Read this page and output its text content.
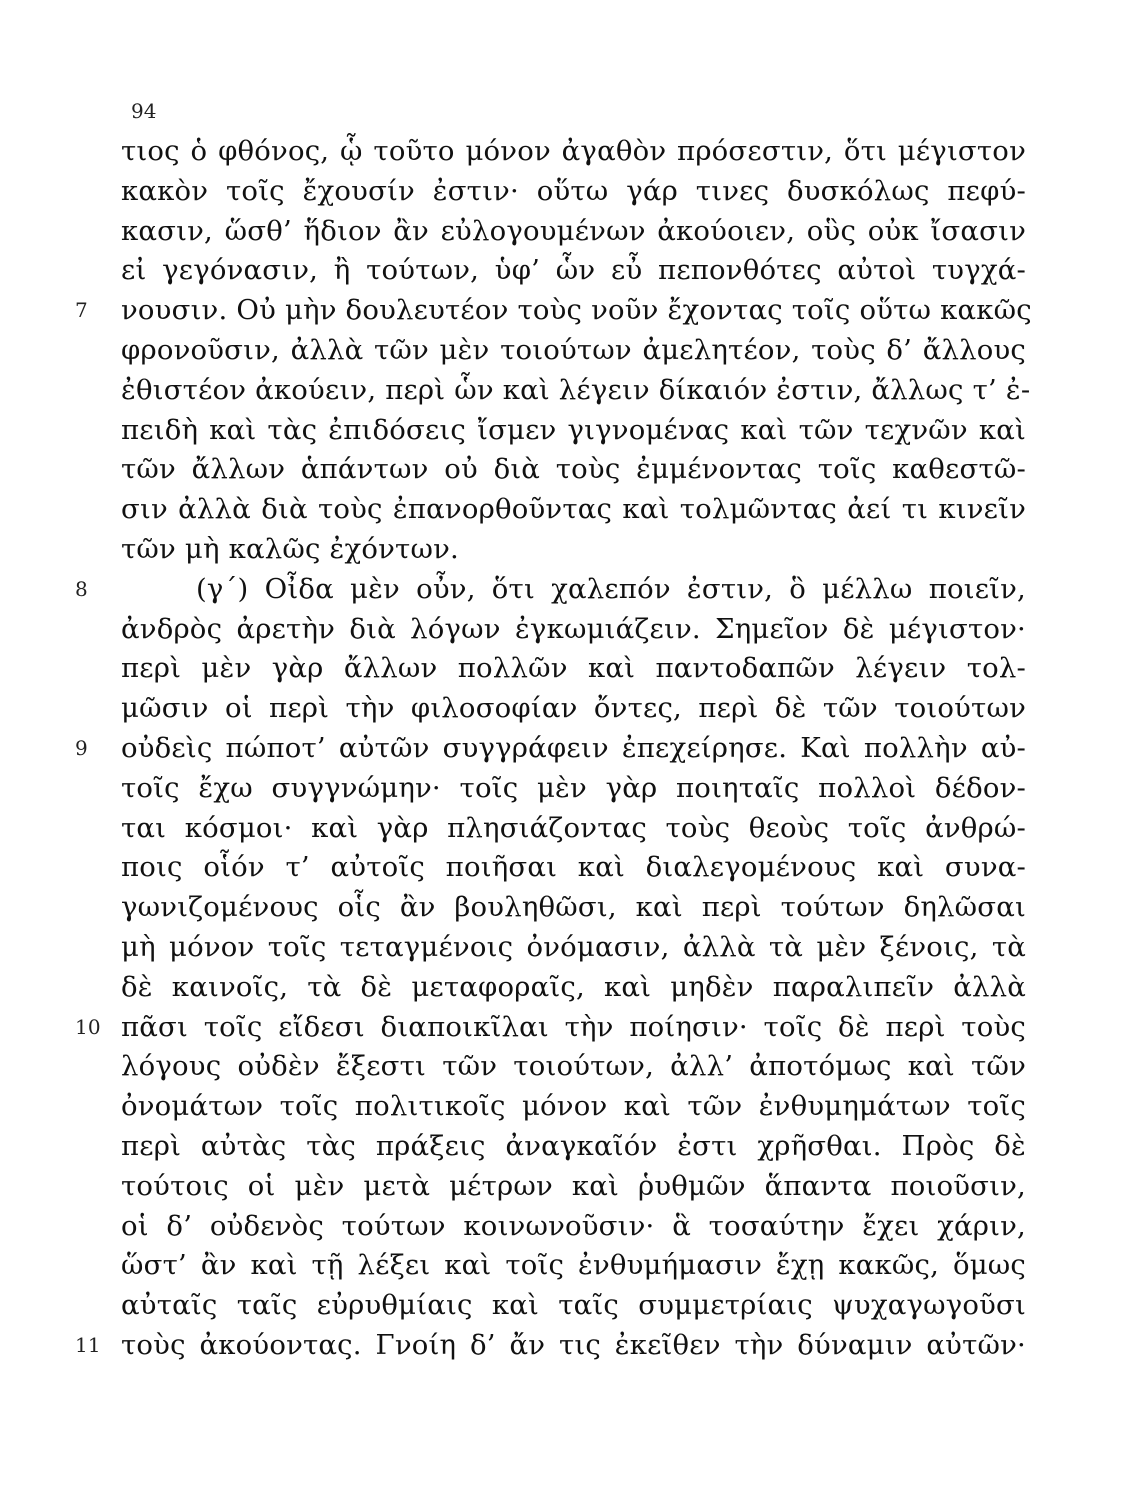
94
τιος ὁ φθόνος, ᾧ τοῦτο μόνον ἀγαθὸν πρόσεστιν, ὅτι μέγιστον
κακὸν τοῖς ἔχουσίν ἐστιν· οὕτω γάρ τινες δυσκόλως πεφύ-
κασιν, ὥσθ’ ἥδιον ἂν εὐλογουμένων ἀκούοιεν, οὓς οὐκ ἴσασιν
εἰ γεγόνασιν, ἢ τούτων, ὑφ’ ὧν εὖ πεπονθότες αὐτοὶ τυγχά-
7	νουσιν. Οὐ μὴν δουλευτέον τοὺς νοῦν ἔχοντας τοῖς οὕτω κακῶς
φρονοῦσιν, ἀλλὰ τῶν μὲν τοιούτων ἀμελητέον, τοὺς δ’ ἄλλους
ἐθιστέον ἀκούειν, περὶ ὧν καὶ λέγειν δίκαιόν ἐστιν, ἄλλως τ’ ἐ-
πειδὴ καὶ τὰς ἐπιδόσεις ἴσμεν γιγνομένας καὶ τῶν τεχνῶν καὶ
τῶν ἄλλων ἁπάντων οὐ διὰ τοὺς ἐμμένοντας τοῖς καθεστῶ-
σιν ἀλλὰ διὰ τοὺς ἐπανορθοῦντας καὶ τολμῶντας ἀεί τι κινεῖν
τῶν μὴ καλῶς ἐχόντων.
8	(γ΄) Οἶδα μὲν οὖν, ὅτι χαλεπόν ἐστιν, ὃ μέλλω ποιεῖν,
ἀνδρὸς ἀρετὴν διὰ λόγων ἐγκωμιάζειν. Σημεῖον δὲ μέγιστον·
περὶ μὲν γὰρ ἄλλων πολλῶν καὶ παντοδαπῶν λέγειν τολ-
μῶσιν οἱ περὶ τὴν φιλοσοφίαν ὄντες, περὶ δὲ τῶν τοιούτων
9	οὐδεὶς πώποτ’ αὐτῶν συγγράφειν ἐπεχείρησε. Καὶ πολλὴν αὐ-
τοῖς ἔχω συγγνώμην· τοῖς μὲν γὰρ ποιηταῖς πολλοὶ δέδον-
ται κόσμοι· καὶ γὰρ πλησιάζοντας τοὺς θεοὺς τοῖς ἀνθρώ-
ποις οἷόν τ’ αὐτοῖς ποιῆσαι καὶ διαλεγομένους καὶ συνα-
γωνιζομένους οἷς ἂν βουληθῶσι, καὶ περὶ τούτων δηλῶσαι
μὴ μόνον τοῖς τεταγμένοις ὀνόμασιν, ἀλλὰ τὰ μὲν ξένοις, τὰ
δὲ καινοῖς, τὰ δὲ μεταφοραῖς, καὶ μηδὲν παραλιπεῖν ἀλλὰ
10 πᾶσι τοῖς εἴδεσι διαποικῖλαι τὴν ποίησιν· τοῖς δὲ περὶ τοὺς
λόγους οὐδὲν ἔξεστι τῶν τοιούτων, ἀλλ’ ἀποτόμως καὶ τῶν
ὀνομάτων τοῖς πολιτικοῖς μόνον καὶ τῶν ἐνθυμημάτων τοῖς
περὶ αὐτὰς τὰς πράξεις ἀναγκαῖόν ἐστι χρῆσθαι. Πρὸς δὲ
τούτοις οἱ μὲν μετὰ μέτρων καὶ ῥυθμῶν ἅπαντα ποιοῦσιν,
οἱ δ’ οὐδενὸς τούτων κοινωνοῦσιν· ἃ τοσαύτην ἔχει χάριν,
ὥστ’ ἂν καὶ τῇ λέξει καὶ τοῖς ἐνθυμήμασιν ἔχῃ κακῶς, ὅμως
αὐταῖς ταῖς εὐρυθμίαις καὶ ταῖς συμμετρίαις ψυχαγωγοῦσι
11 τοὺς ἀκούοντας. Γνοίη δ’ ἄν τις ἐκεῖθεν τὴν δύναμιν αὐτῶν·
